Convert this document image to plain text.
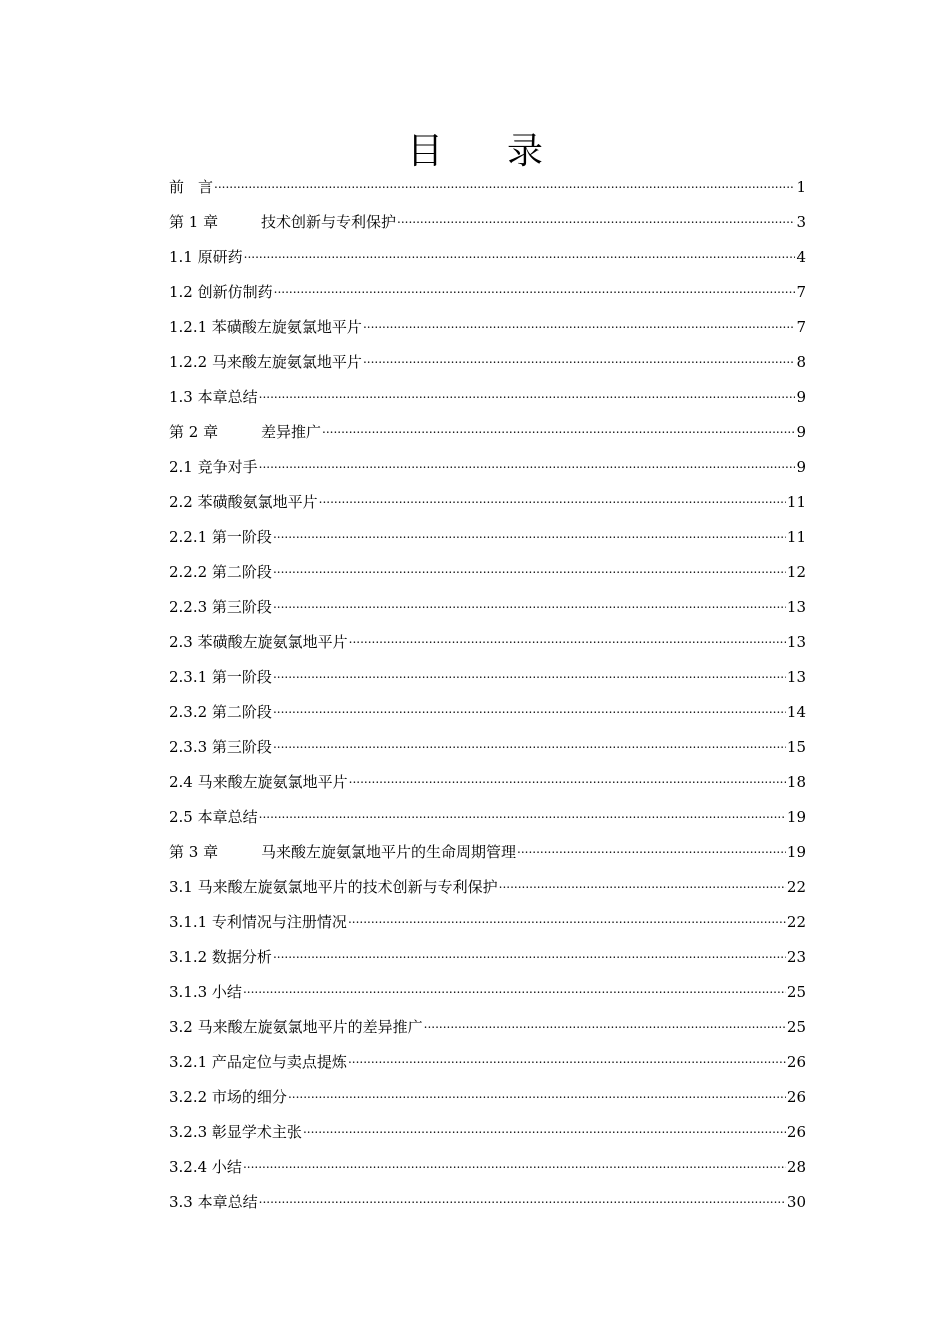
目 录
前 言 .....	1
第 1 章	技术创新与专利保护 .....	3
1.1 原研药 .....	4
1.2 创新仿制药 .....	7
1.2.1 苯磺酸左旋氨氯地平片 .....	7
1.2.2 马来酸左旋氨氯地平片 .....	8
1.3 本章总结 .....	9
第 2 章	差异推广 .....	9
2.1 竞争对手 .....	9
2.2 苯磺酸氨氯地平片 .....	11
2.2.1 第一阶段 .....	11
2.2.2 第二阶段 .....	12
2.2.3 第三阶段 .....	13
2.3 苯磺酸左旋氨氯地平片 .....	13
2.3.1 第一阶段 .....	13
2.3.2 第二阶段 .....	14
2.3.3 第三阶段 .....	15
2.4 马来酸左旋氨氯地平片 .....	18
2.5 本章总结 .....	19
第 3 章	马来酸左旋氨氯地平片的生命周期管理 .....	19
3.1 马来酸左旋氨氯地平片的技术创新与专利保护 .....	22
3.1.1 专利情况与注册情况 .....	22
3.1.2 数据分析 .....	23
3.1.3 小结 .....	25
3.2 马来酸左旋氨氯地平片的差异推广 .....	25
3.2.1 产品定位与卖点提炼 .....	26
3.2.2 市场的细分 .....	26
3.2.3 彰显学术主张 .....	26
3.2.4 小结 .....	28
3.3 本章总结 .....	30
